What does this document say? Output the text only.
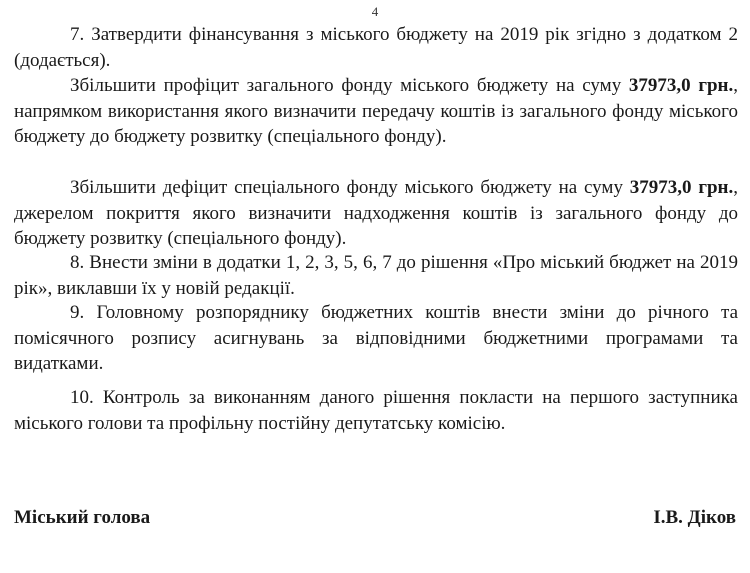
4

7. Затвердити фінансування з міського бюджету на 2019 рік згідно з додатком 2 (додається).

Збільшити профіцит загального фонду міського бюджету на суму 37973,0 грн., напрямком використання якого визначити передачу коштів із загального фонду міського бюджету до бюджету розвитку (спеціального фонду).

Збільшити дефіцит спеціального фонду міського бюджету на суму 37973,0 грн., джерелом покриття якого визначити надходження коштів із загального фонду до бюджету розвитку (спеціального фонду).

8. Внести зміни в додатки 1, 2, 3, 5, 6, 7 до рішення «Про міський бюджет на 2019 рік», виклавши їх у новій редакції.

9. Головному розпоряднику бюджетних коштів внести зміни до річного та помісячного розпису асигнувань за відповідними бюджетними програмами та видатками.

10. Контроль за виконанням даного рішення покласти на першого заступника міського голови та профільну постійну депутатську комісію.

Міський голова	І.В. Діков
